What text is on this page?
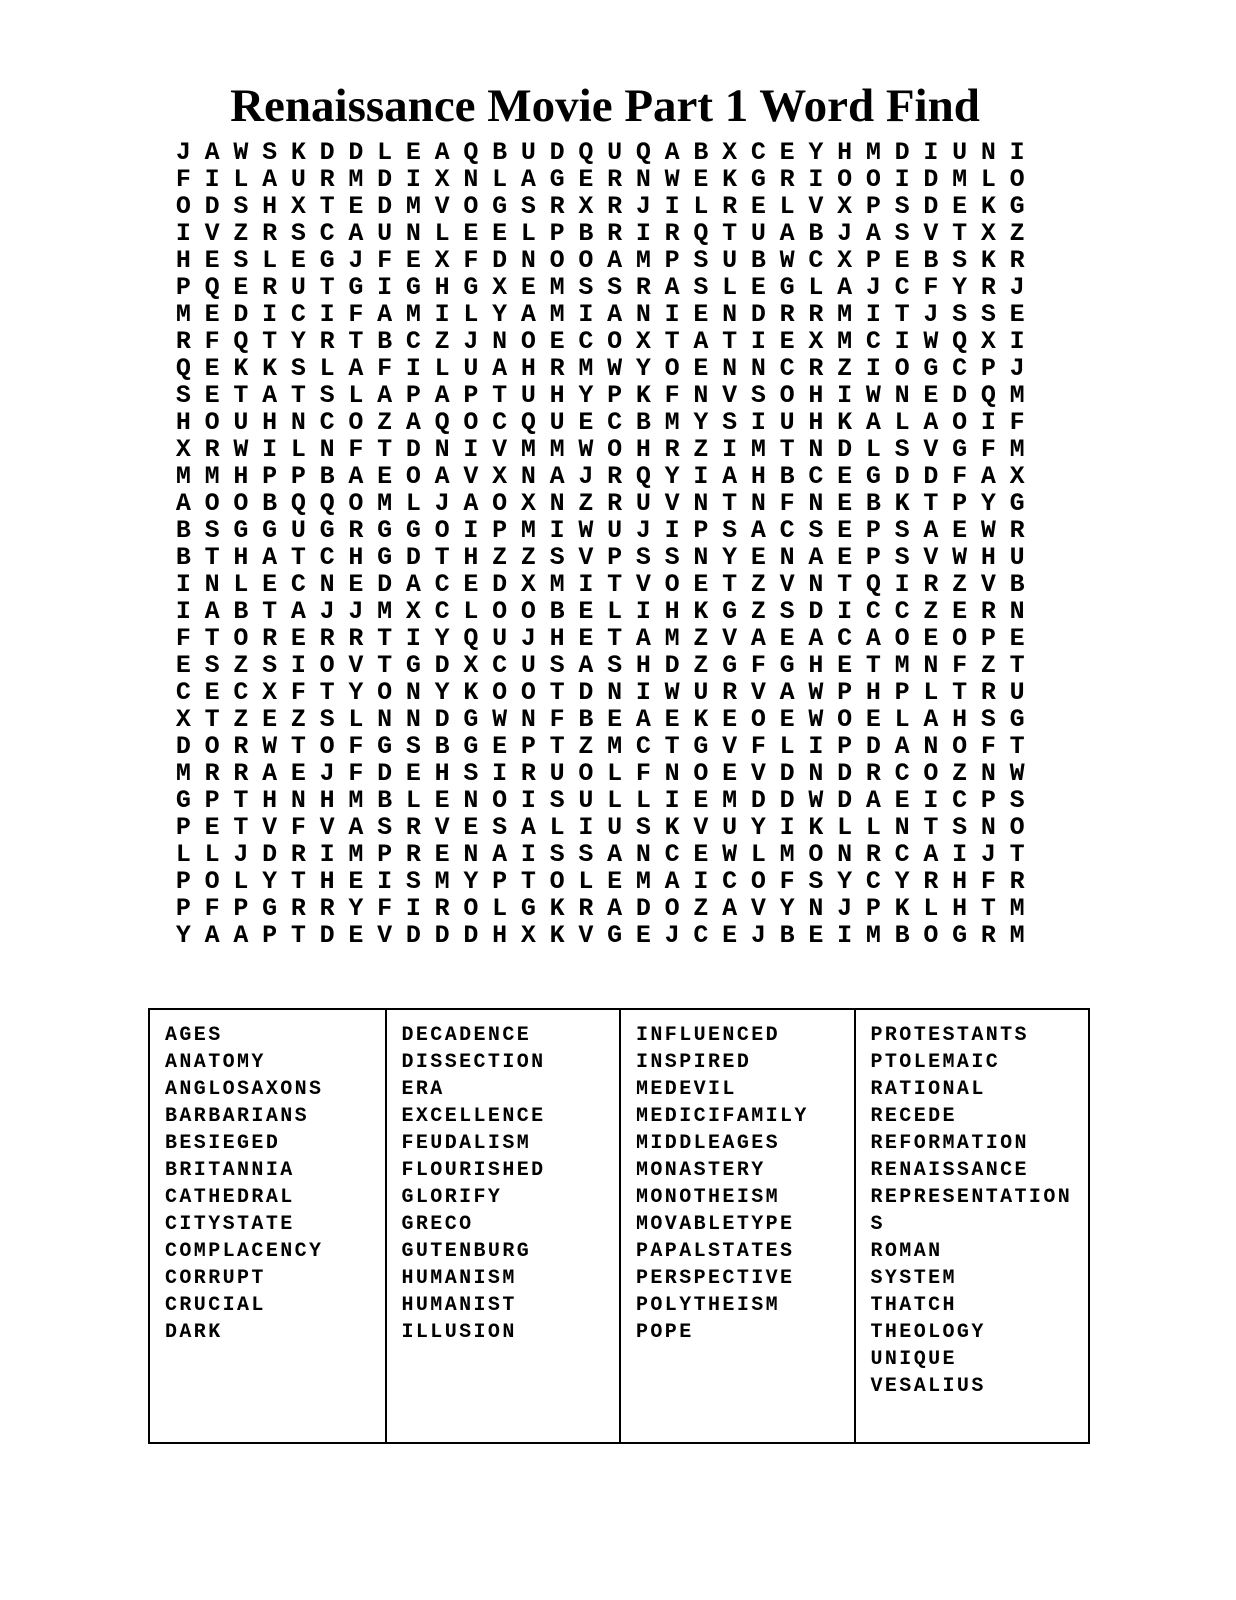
Renaissance Movie Part 1 Word Find
J A W S K D D L E A Q B U D Q U Q A B X C E Y H M D I U N I
F I L A U R M D I X N L A G E R N W E K G R I O O I D M L O
O D S H X T E D M V O G S R X R J I L R E L V X P S D E K G
I V Z R S C A U N L E E L P B R I R Q T U A B J A S V T X Z
H E S L E G J F E X F D N O O A M P S U B W C X P E B S K R
P Q E R U T G I G H G X E M S S R A S L E G L A J C F Y R J
M E D I C I F A M I L Y A M I A N I E N D R R M I T J S S E
R F Q T Y R T B C Z J N O E C O X T A T I E X M C I W Q X I
Q E K K S L A F I L U A H R M W Y O E N N C R Z I O G C P J
S E T A T S L A P A P T U H Y P K F N V S O H I W N E D Q M
H O U H N C O Z A Q O C Q U E C B M Y S I U H K A L A O I F
X R W I L N F T D N I V M M W O H R Z I M T N D L S V G F M
M M H P P B A E O A V X N A J R Q Y I A H B C E G D D F A X
A O O B Q Q O M L J A O X N Z R U V N T N F N E B K T P Y G
B S G G U G R G G O I P M I W U J I P S A C S E P S A E W R
B T H A T C H G D T H Z Z S V P S S N Y E N A E P S V W H U
I N L E C N E D A C E D X M I T V O E T Z V N T Q I R Z V B
I A B T A J J M X C L O O B E L I H K G Z S D I C C Z E R N
F T O R E R R T I Y Q U J H E T A M Z V A E A C A O E O P E
E S Z S I O V T G D X C U S A S H D Z G F G H E T M N F Z T
C E C X F T Y O N Y K O O T D N I W U R V A W P H P L T R U
X T Z E Z S L N N D G W N F B E A E K E O E W O E L A H S G
D O R W T O F G S B G E P T Z M C T G V F L I P D A N O F T
M R R A E J F D E H S I R U O L F N O E V D N D R C O Z N W
G P T H N H M B L E N O I S U L L I E M D D W D A E I C P S
P E T V F V A S R V E S A L I U S K V U Y I K L L N T S N O
L L J D R I M P R E N A I S S A N C E W L M O N R C A I J T
P O L Y T H E I S M Y P T O L E M A I C O F S Y C Y R H F R
P F P G R R Y F I R O L G K R A D O Z A V Y N J P K L H T M
Y A A P T D E V D D D H X K V G E J C E J B E I M B O G R M
AGES
ANATOMY
ANGLOSAXONS
BARBARIANS
BESIEGED
BRITANNIA
CATHEDRAL
CITYSTATE
COMPLACENCY
CORRUPT
CRUCIAL
DARK
DECADENCE
DISSECTION
ERA
EXCELLENCE
FEUDALISM
FLOURISHED
GLORIFY
GRECO
GUTENBURG
HUMANISM
HUMANIST
ILLUSION
INFLUENCED
INSPIRED
MEDEVIL
MEDICIFAMILY
MIDDLEAGES
MONASTERY
MONOTHEISM
MOVABLETYPE
PAPALSTATES
PERSPECTIVE
POLYTHEISM
POPE
PROTESTANTS
PTOLEMAIC
RATIONAL
RECEDE
REFORMATION
RENAISSANCE
REPRESENTATION
S
ROMAN
SYSTEM
THATCH
THEOLOGY
UNIQUE
VESALIUS
